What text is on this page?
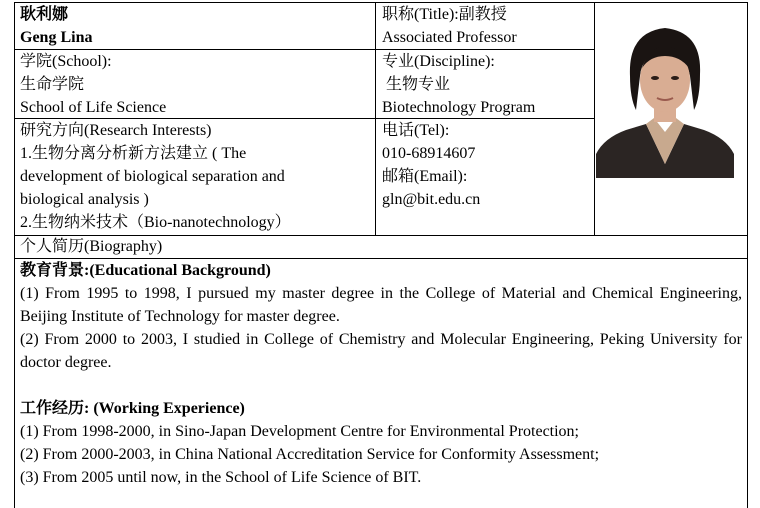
耿利娜
Geng Lina
职称(Title):副教授
Associated Professor
学院(School):
生命学院
School of Life Science
专业(Discipline):
生物专业
Biotechnology Program
研究方向(Research Interests)
1.生物分离分析新方法建立 ( The
development of biological separation and
biological analysis )
2.生物纳米技术（Bio-nanotechnology）
电话(Tel):
010-68914607
邮箱(Email):
gln@bit.edu.cn
个人简历(Biography)
教育背景:(Educational Background)
(1) From 1995 to 1998, I pursued my master degree in the College of Material and Chemical Engineering, Beijing Institute of Technology for master degree.
(2) From 2000 to 2003, I studied in College of Chemistry and Molecular Engineering, Peking University for doctor degree.
工作经历: (Working Experience)
(1) From 1998-2000, in Sino-Japan Development Centre for Environmental Protection;
(2) From 2000-2003, in China National Accreditation Service for Conformity Assessment;
(3) From 2005 until now, in the School of Life Science of BIT.
